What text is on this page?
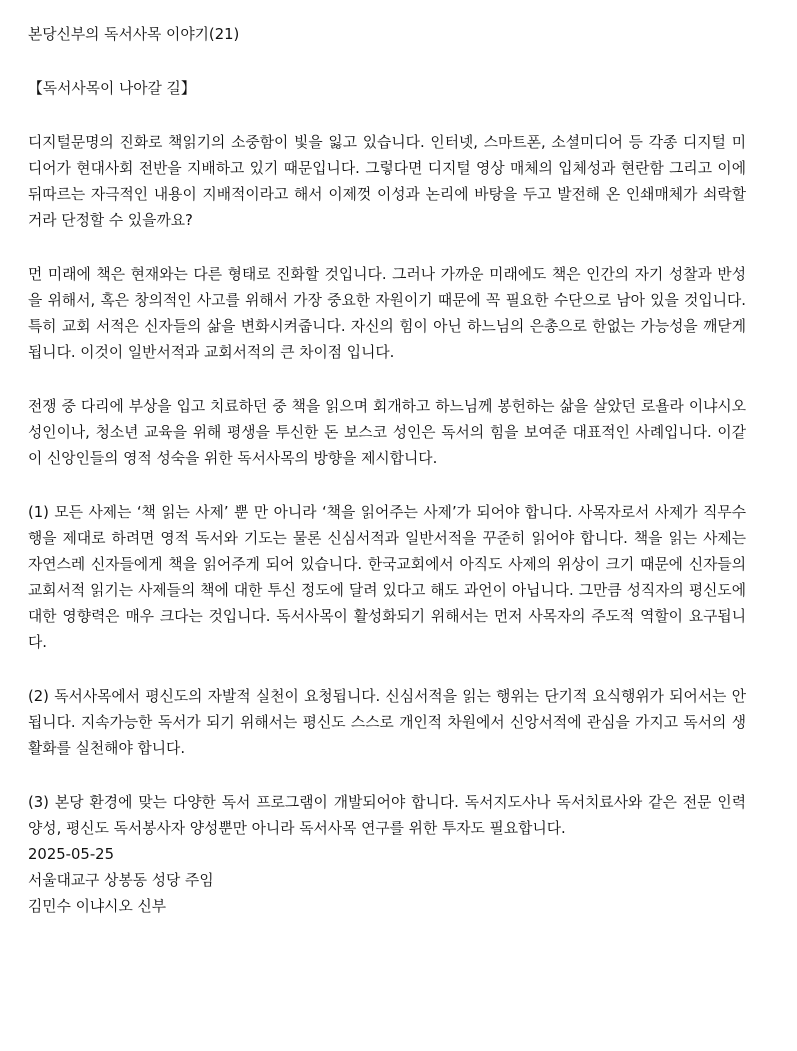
본당신부의 독서사목 이야기(21)

【독서사목이 나아갈 길】

디지털문명의 진화로 책읽기의 소중함이 빛을 잃고 있습니다. 인터넷, 스마트폰, 소셜미디어 등 각종 디지털 미디어가 현대사회 전반을 지배하고 있기 때문입니다. 그렇다면 디지털 영상 매체의 입체성과 현란함 그리고 이에 뒤따르는 자극적인 내용이 지배적이라고 해서 이제껏 이성과 논리에 바탕을 두고 발전해 온 인쇄매체가 쇠락할거라 단정할 수 있을까요?

먼 미래에 책은 현재와는 다른 형태로 진화할 것입니다. 그러나 가까운 미래에도 책은 인간의 자기 성찰과 반성을 위해서, 혹은 창의적인 사고를 위해서 가장 중요한 자원이기 때문에 꼭 필요한 수단으로 남아 있을 것입니다. 특히 교회 서적은 신자들의 삶을 변화시켜줍니다. 자신의 힘이 아닌 하느님의 은총으로 한없는 가능성을 깨닫게 됩니다. 이것이 일반서적과 교회서적의 큰 차이점 입니다.

전쟁 중 다리에 부상을 입고 치료하던 중 책을 읽으며 회개하고 하느님께 봉헌하는 삶을 살았던 로욜라 이냐시오 성인이나, 청소년 교육을 위해 평생을 투신한 돈 보스코 성인은 독서의 힘을 보여준 대표적인 사례입니다. 이같이 신앙인들의 영적 성숙을 위한 독서사목의 방향을 제시합니다.

(1) 모든 사제는 ‘책 읽는 사제’ 뿐 만 아니라 ‘책을 읽어주는 사제’가 되어야 합니다. 사목자로서 사제가 직무수행을 제대로 하려면 영적 독서와 기도는 물론 신심서적과 일반서적을 꾸준히 읽어야 합니다. 책을 읽는 사제는 자연스레 신자들에게 책을 읽어주게 되어 있습니다. 한국교회에서 아직도 사제의 위상이 크기 때문에 신자들의 교회서적 읽기는 사제들의 책에 대한 투신 정도에 달려 있다고 해도 과언이 아닙니다. 그만큼 성직자의 평신도에 대한 영향력은 매우 크다는 것입니다. 독서사목이 활성화되기 위해서는 먼저 사목자의 주도적 역할이 요구됩니다.

(2) 독서사목에서 평신도의 자발적 실천이 요청됩니다. 신심서적을 읽는 행위는 단기적 요식행위가 되어서는 안 됩니다. 지속가능한 독서가 되기 위해서는 평신도 스스로 개인적 차원에서 신앙서적에 관심을 가지고 독서의 생활화를 실천해야 합니다.

(3) 본당 환경에 맞는 다양한 독서 프로그램이 개발되어야 합니다. 독서지도사나 독서치료사와 같은 전문 인력 양성, 평신도 독서봉사자 양성뿐만 아니라 독서사목 연구를 위한 투자도 필요합니다.

2025-05-25

서울대교구 상봉동 성당 주임

김민수 이냐시오 신부
